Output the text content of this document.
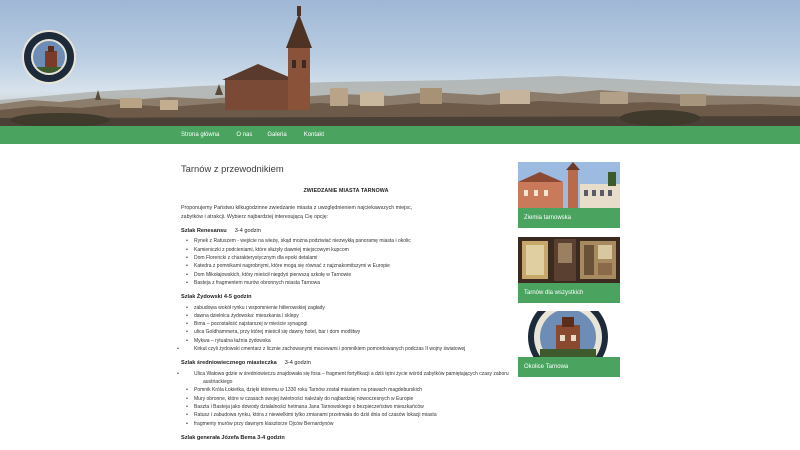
Strona główna	O nas	Galeria	Kontakt
Tarnów z przewodnikiem
ZWIEDZANIE MIASTA TARNOWA

Proponujemy Państwu kilkugodzinne zwiedzanie miasta z uwzględnieniem najciekawszych miejsc,
zabytków i atrakcji. Wybierz najbardziej interesującą Cię opcję:

Szlak Renesansu 3-4 godzin
• Rynek z Ratuszem - wejście na wieżę, skąd można podziwiać niezwykłą panoramę miasta i okolic
• Kamieniczki z podcieniami, które służyły dawniej miejscowym kupcom
• Dom Florencki z charakterystycznym dla epoki detalami
• Katedra z pomnikami nagrobnymi, które mogą się równać z najznakomitszymi w Europie
• Dom Mikołajowskich, który mieścił niegdyś pierwszą szkołę w Tarnowie
• Basteja z fragmentem murów obronnych miasta Tarnowa
Szlak Żydowski 4-5 godzin
• zabudowa wokół rynku i wspomnienie hitlerowskiej zagłady
• dawna dzielnica żydowska: mieszkania i sklepy
• Bima – pozostałość najstarszej w mieście synagogi
• ulica Goldhammera, przy której mieścił się dawny hotel, bar i dom modlitwy
• Mykwa – rytualna łaźnia żydowska
• Kirkut czyli żydowski cmentarz z licznie zachowanymi macewami i pomnikiem pomordowanych podczas II wojny światowej
Szlak średniowiecznego miasteczka 3-4 godzin
• Ulica Wałowa gdzie w średniowieczu znajdowała się fosa – fragment fortyfikacji a dziś tętni życie wśród zabytków pamiętających czasy zaboru austriackiego
• Pomnik Króla Łokietka, dzięki któremu w 1330 roku Tarnów został miastem na prawach magdeburskich
• Mury obronne, które w czasach swojej świetności należały do najbardziej nowoczesnych w Europie
• Baszta i Basteja jako dowody działalności hetmana Jana Tarnowskiego o bezpieczeństwo mieszkańców
• Ratusz i zabudowa rynku, która z niewielkimi tylko zmianami przetrwała do dziś dnia od czasów lokacji miasta
• fragmenty murów przy dawnym klasztorze Ojców Bernardynów
Szlak generała Józefa Bema 3-4 godzin
Ziemia tarnowska
Tarnów dla wszystkich
Okolice Tarnowa
